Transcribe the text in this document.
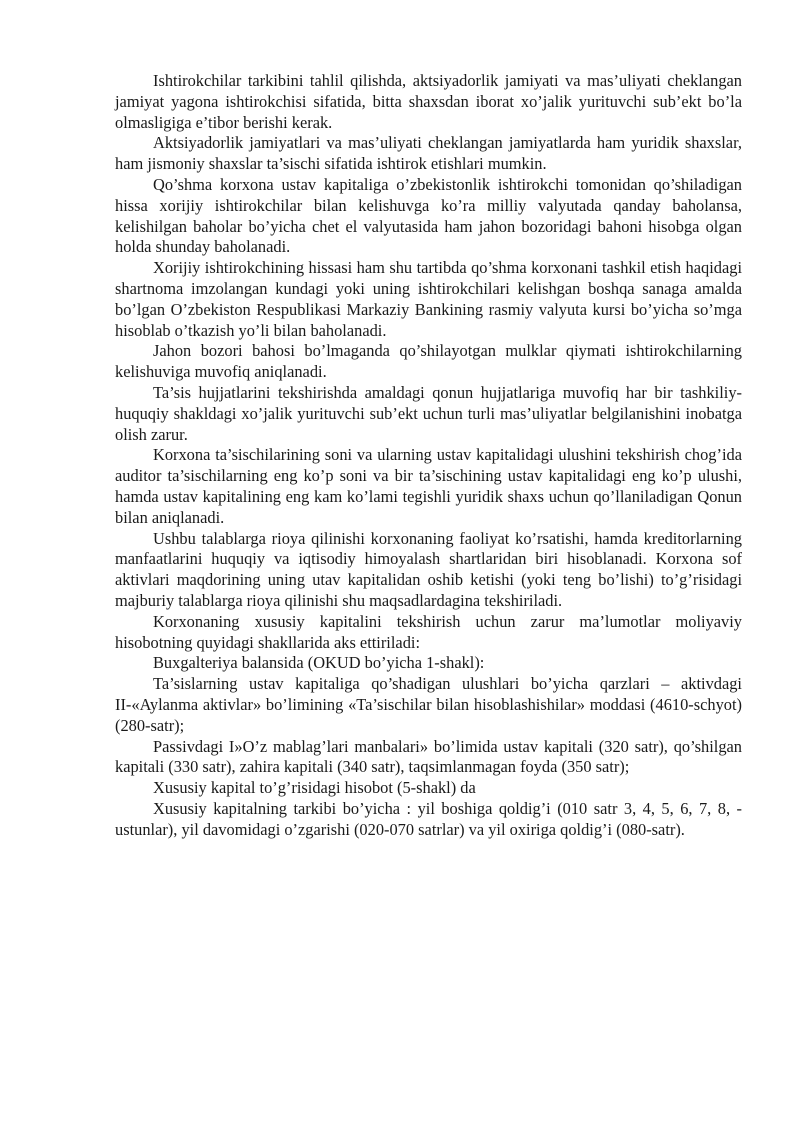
Ishtirokchilar tarkibini tahlil qilishda, aktsiyadorlik jamiyati va mas’uliyati cheklangan jamiyat yagona ishtirokchisi sifatida, bitta shaxsdan iborat xo’jalik yurituvchi sub’ekt bo’la olmasligiga e’tibor berishi kerak.

Aktsiyadorlik jamiyatlari va mas’uliyati cheklangan jamiyatlarda ham yuridik shaxslar, ham jismoniy shaxslar ta’sischi sifatida ishtirok etishlari mumkin.

Qo’shma korxona ustav kapitaliga o’zbekistonlik ishtirokchi tomonidan qo’shiladigan hissa xorijiy ishtirokchilar bilan kelishuvga ko’ra milliy valyutada qanday baholansa, kelishilgan baholar bo’yicha chet el valyutasida ham jahon bozoridagi bahoni hisobga olgan holda shunday baholanadi.

Xorijiy ishtirokchining hissasi ham shu tartibda qo’shma korxonani tashkil etish haqidagi shartnoma imzolangan kundagi yoki uning ishtirokchilari kelishgan boshqa sanaga amalda bo’lgan O’zbekiston Respublikasi Markaziy Bankining rasmiy valyuta kursi bo’yicha so’mga hisoblab o’tkazish yo’li bilan baholanadi.

Jahon bozori bahosi bo’lmaganda qo’shilayotgan mulklar qiymati ishtirokchilarning kelishuviga muvofiq aniqlanadi.

Ta’sis hujjatlarini tekshirishda amaldagi qonun hujjatlariga muvofiq har bir tashkiliy-huquqiy shakldagi xo’jalik yurituvchi sub’ekt uchun turli mas’uliyatlar belgilanishini inobatga olish zarur.

Korxona ta’sischilarining soni va ularning ustav kapitalidagi ulushini tekshirish chog’ida auditor ta’sischilarning eng ko’p soni va bir ta’sischining ustav kapitalidagi eng ko’p ulushi, hamda ustav kapitalining eng kam ko’lami tegishli yuridik shaxs uchun qo’llaniladigan Qonun bilan aniqlanadi.

Ushbu talablarga rioya qilinishi korxonaning faoliyat ko’rsatishi, hamda kreditorlarning manfaatlarini huquqiy va iqtisodiy himoyalash shartlaridan biri hisoblanadi. Korxona sof aktivlari maqdorining uning utav kapitalidan oshib ketishi (yoki teng bo’lishi) to’g’risidagi majburiy talablarga rioya qilinishi shu maqsadlardagina tekshiriladi.

Korxonaning xususiy kapitalini tekshirish uchun zarur ma’lumotlar moliyaviy hisobotning quyidagi shakllarida aks ettiriladi:

Buxgalteriya balansida (OKUD bo’yicha 1-shakl):

Ta’sislarning ustav kapitaliga qo’shadigan ulushlari bo’yicha qarzlari – aktivdagi II-«Aylanma aktivlar» bo’limining «Ta’sischilar bilan hisoblashishilar» moddasi (4610-schyot) (280-satr);

Passivdagi I»O’z mablag’lari manbalari» bo’limida ustav kapitali (320 satr), qo’shilgan kapitali (330 satr), zahira kapitali (340 satr), taqsimlanmagan foyda (350 satr);

Xususiy kapital to’g’risidagi hisobot (5-shakl) da

Xususiy kapitalning tarkibi bo’yicha : yil boshiga qoldig’i (010 satr 3, 4, 5, 6, 7, 8, -ustunlar), yil davomidagi o’zgarishi (020-070 satrlar) va yil oxiriga qoldig’i (080-satr).
